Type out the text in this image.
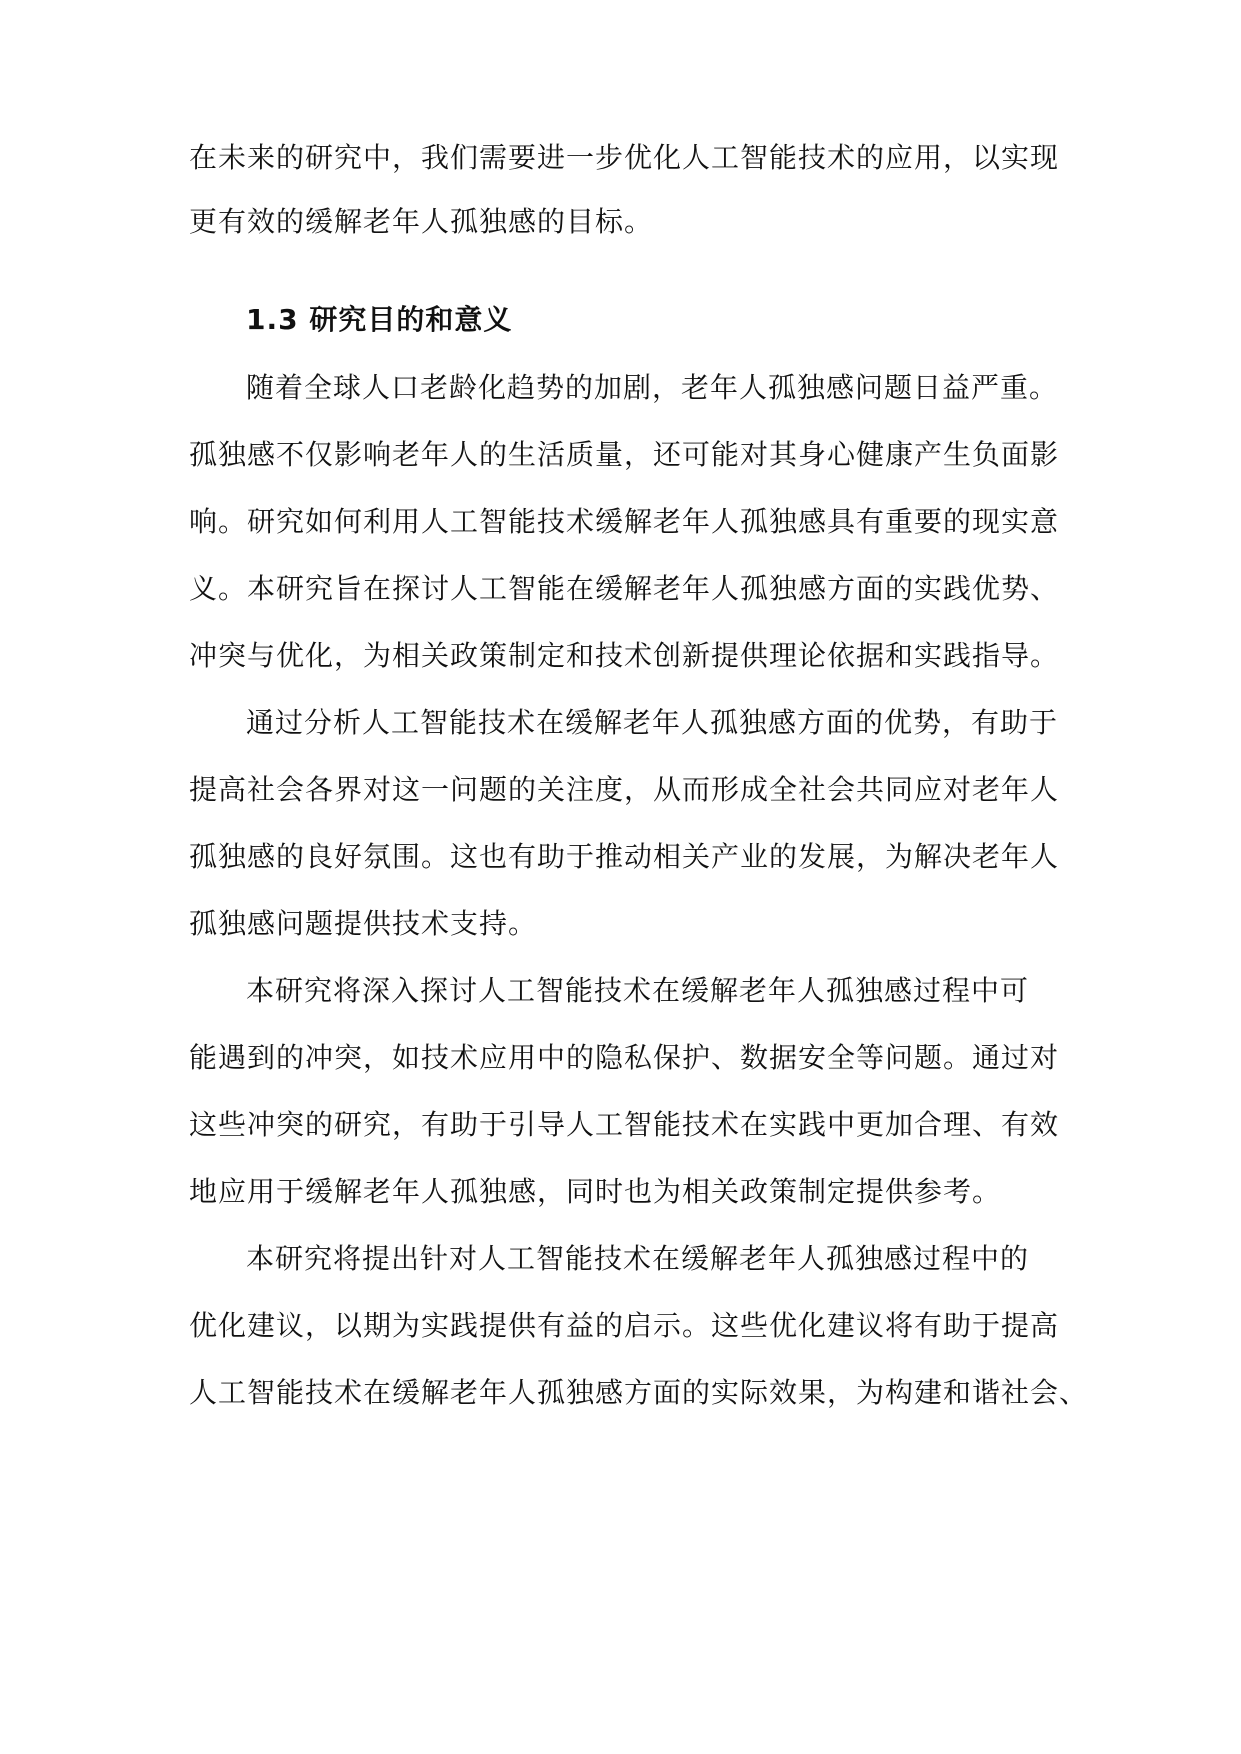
在未来的研究中，我们需要进一步优化人工智能技术的应用，以实现
更有效的缓解老年人孤独感的目标。
1.3 研究目的和意义
随着全球人口老龄化趋势的加剧，老年人孤独感问题日益严重。
孤独感不仅影响老年人的生活质量，还可能对其身心健康产生负面影
响。研究如何利用人工智能技术缓解老年人孤独感具有重要的现实意
义。本研究旨在探讨人工智能在缓解老年人孤独感方面的实践优势、
冲突与优化，为相关政策制定和技术创新提供理论依据和实践指导。
通过分析人工智能技术在缓解老年人孤独感方面的优势，有助于
提高社会各界对这一问题的关注度，从而形成全社会共同应对老年人
孤独感的良好氛围。这也有助于推动相关产业的发展，为解决老年人
孤独感问题提供技术支持。
本研究将深入探讨人工智能技术在缓解老年人孤独感过程中可
能遇到的冲突，如技术应用中的隐私保护、数据安全等问题。通过对
这些冲突的研究，有助于引导人工智能技术在实践中更加合理、有效
地应用于缓解老年人孤独感，同时也为相关政策制定提供参考。
本研究将提出针对人工智能技术在缓解老年人孤独感过程中的
优化建议，以期为实践提供有益的启示。这些优化建议将有助于提高
人工智能技术在缓解老年人孤独感方面的实际效果，为构建和谐社会、
